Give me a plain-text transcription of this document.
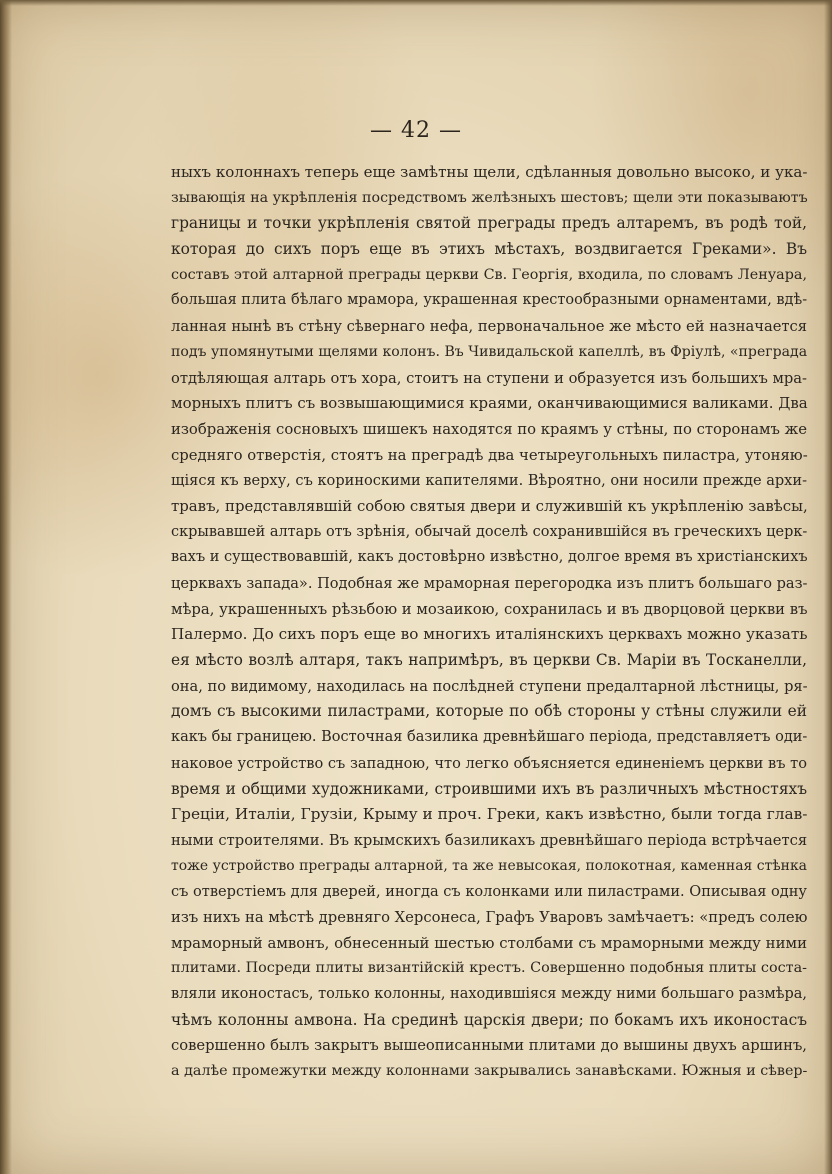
— 42 —
ныхъ колоннахъ теперь еще замѣтны щели, сдѣланныя довольно высоко, и ука-
зывающія на укрѣпленія посредствомъ желѣзныхъ шестовъ; щели эти показываютъ
границы и точки укрѣпленія святой преграды предъ алтаремъ, въ родѣ той,
которая до сихъ поръ еще въ этихъ мѣстахъ, воздвигается Греками». Въ
составъ этой алтарной преграды церкви Св. Георгія, входила, по словамъ Ленуара,
большая плита бѣлаго мрамора, украшенная крестообразными орнаментами, вдѣ-
ланная нынѣ въ стѣну сѣвернаго нефа, первоначальное же мѣсто ей назначается
подъ упомянутыми щелями колонъ. Въ Чивидальской капеллѣ, въ Фріулѣ, «преграда
отдѣляющая алтарь отъ хора, стоитъ на ступени и образуется изъ большихъ мра-
морныхъ плитъ съ возвышающимися краями, оканчивающимися валиками. Два
изображенія сосновыхъ шишекъ находятся по краямъ у стѣны, по сторонамъ же
средняго отверстія, стоятъ на преградѣ два четыреугольныхъ пиластра, утоняю-
щіяся къ верху, съ кориноскими капителями. Вѣроятно, они носили прежде архи-
травъ, представлявшій собою святыя двери и служившій къ укрѣпленію завѣсы,
скрывавшей алтарь отъ зрѣнія, обычай доселѣ сохранившійся въ греческихъ церк-
вахъ и существовавшій, какъ достовѣрно извѣстно, долгое время въ христіанскихъ
церквахъ запада». Подобная же мраморная перегородка изъ плитъ большаго раз-
мѣра, украшенныхъ рѣзьбою и мозаикою, сохранилась и въ дворцовой церкви въ
Палермо. До сихъ поръ еще во многихъ италіянскихъ церквахъ можно указать
ея мѣсто возлѣ алтаря, такъ напримѣръ, въ церкви Св. Маріи въ Тосканелли,
она, по видимому, находилась на послѣдней ступени предалтарной лѣстницы, ря-
домъ съ высокими пиластрами, которые по обѣ стороны у стѣны служили ей
какъ бы границею. Восточная базилика древнѣйшаго періода, представляетъ оди-
наковое устройство съ западною, что легко объясняется единеніемъ церкви въ то
время и общими художниками, строившими ихъ въ различныхъ мѣстностяхъ
Греціи, Италіи, Грузіи, Крыму и проч. Греки, какъ извѣстно, были тогда глав-
ными строителями. Въ крымскихъ базиликахъ древнѣйшаго періода встрѣчается
тоже устройство преграды алтарной, та же невысокая, полокотная, каменная стѣнка
съ отверстіемъ для дверей, иногда съ колонками или пиластрами. Описывая одну
изъ нихъ на мѣстѣ древняго Херсонеса, Графъ Уваровъ замѣчаетъ: «предъ солею
мраморный амвонъ, обнесенный шестью столбами съ мраморными между ними
плитами. Посреди плиты византійскій крестъ. Совершенно подобныя плиты соста-
вляли иконостасъ, только колонны, находившіяся между ними большаго размѣра,
чѣмъ колонны амвона. На срединѣ царскія двери; по бокамъ ихъ иконостасъ
совершенно былъ закрытъ вышеописанными плитами до вышины двухъ аршинъ,
а далѣе промежутки между колоннами закрывались занавѣсками. Южныя и сѣвер-
